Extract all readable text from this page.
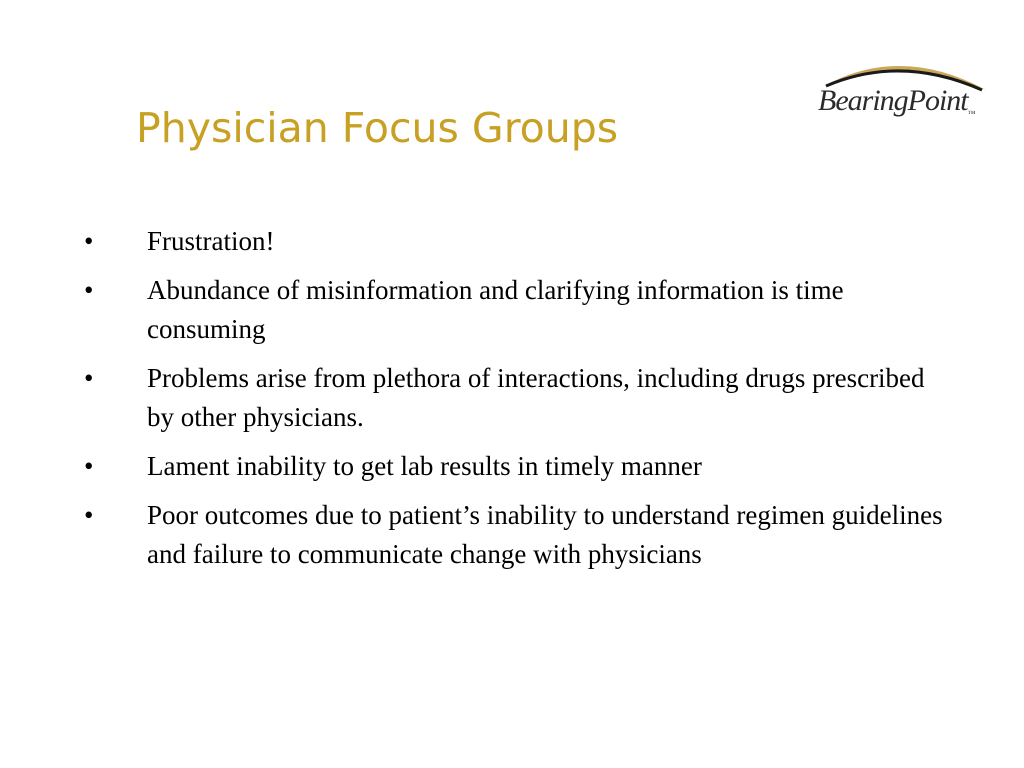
BearingPoint™
Physician Focus Groups
• Frustration!
• Abundance of misinformation and clarifying information is time consuming
• Problems arise from plethora of interactions, including drugs prescribed by other physicians.
• Lament inability to get lab results in timely manner
• Poor outcomes due to patient’s inability to understand regimen guidelines and failure to communicate change with physicians
